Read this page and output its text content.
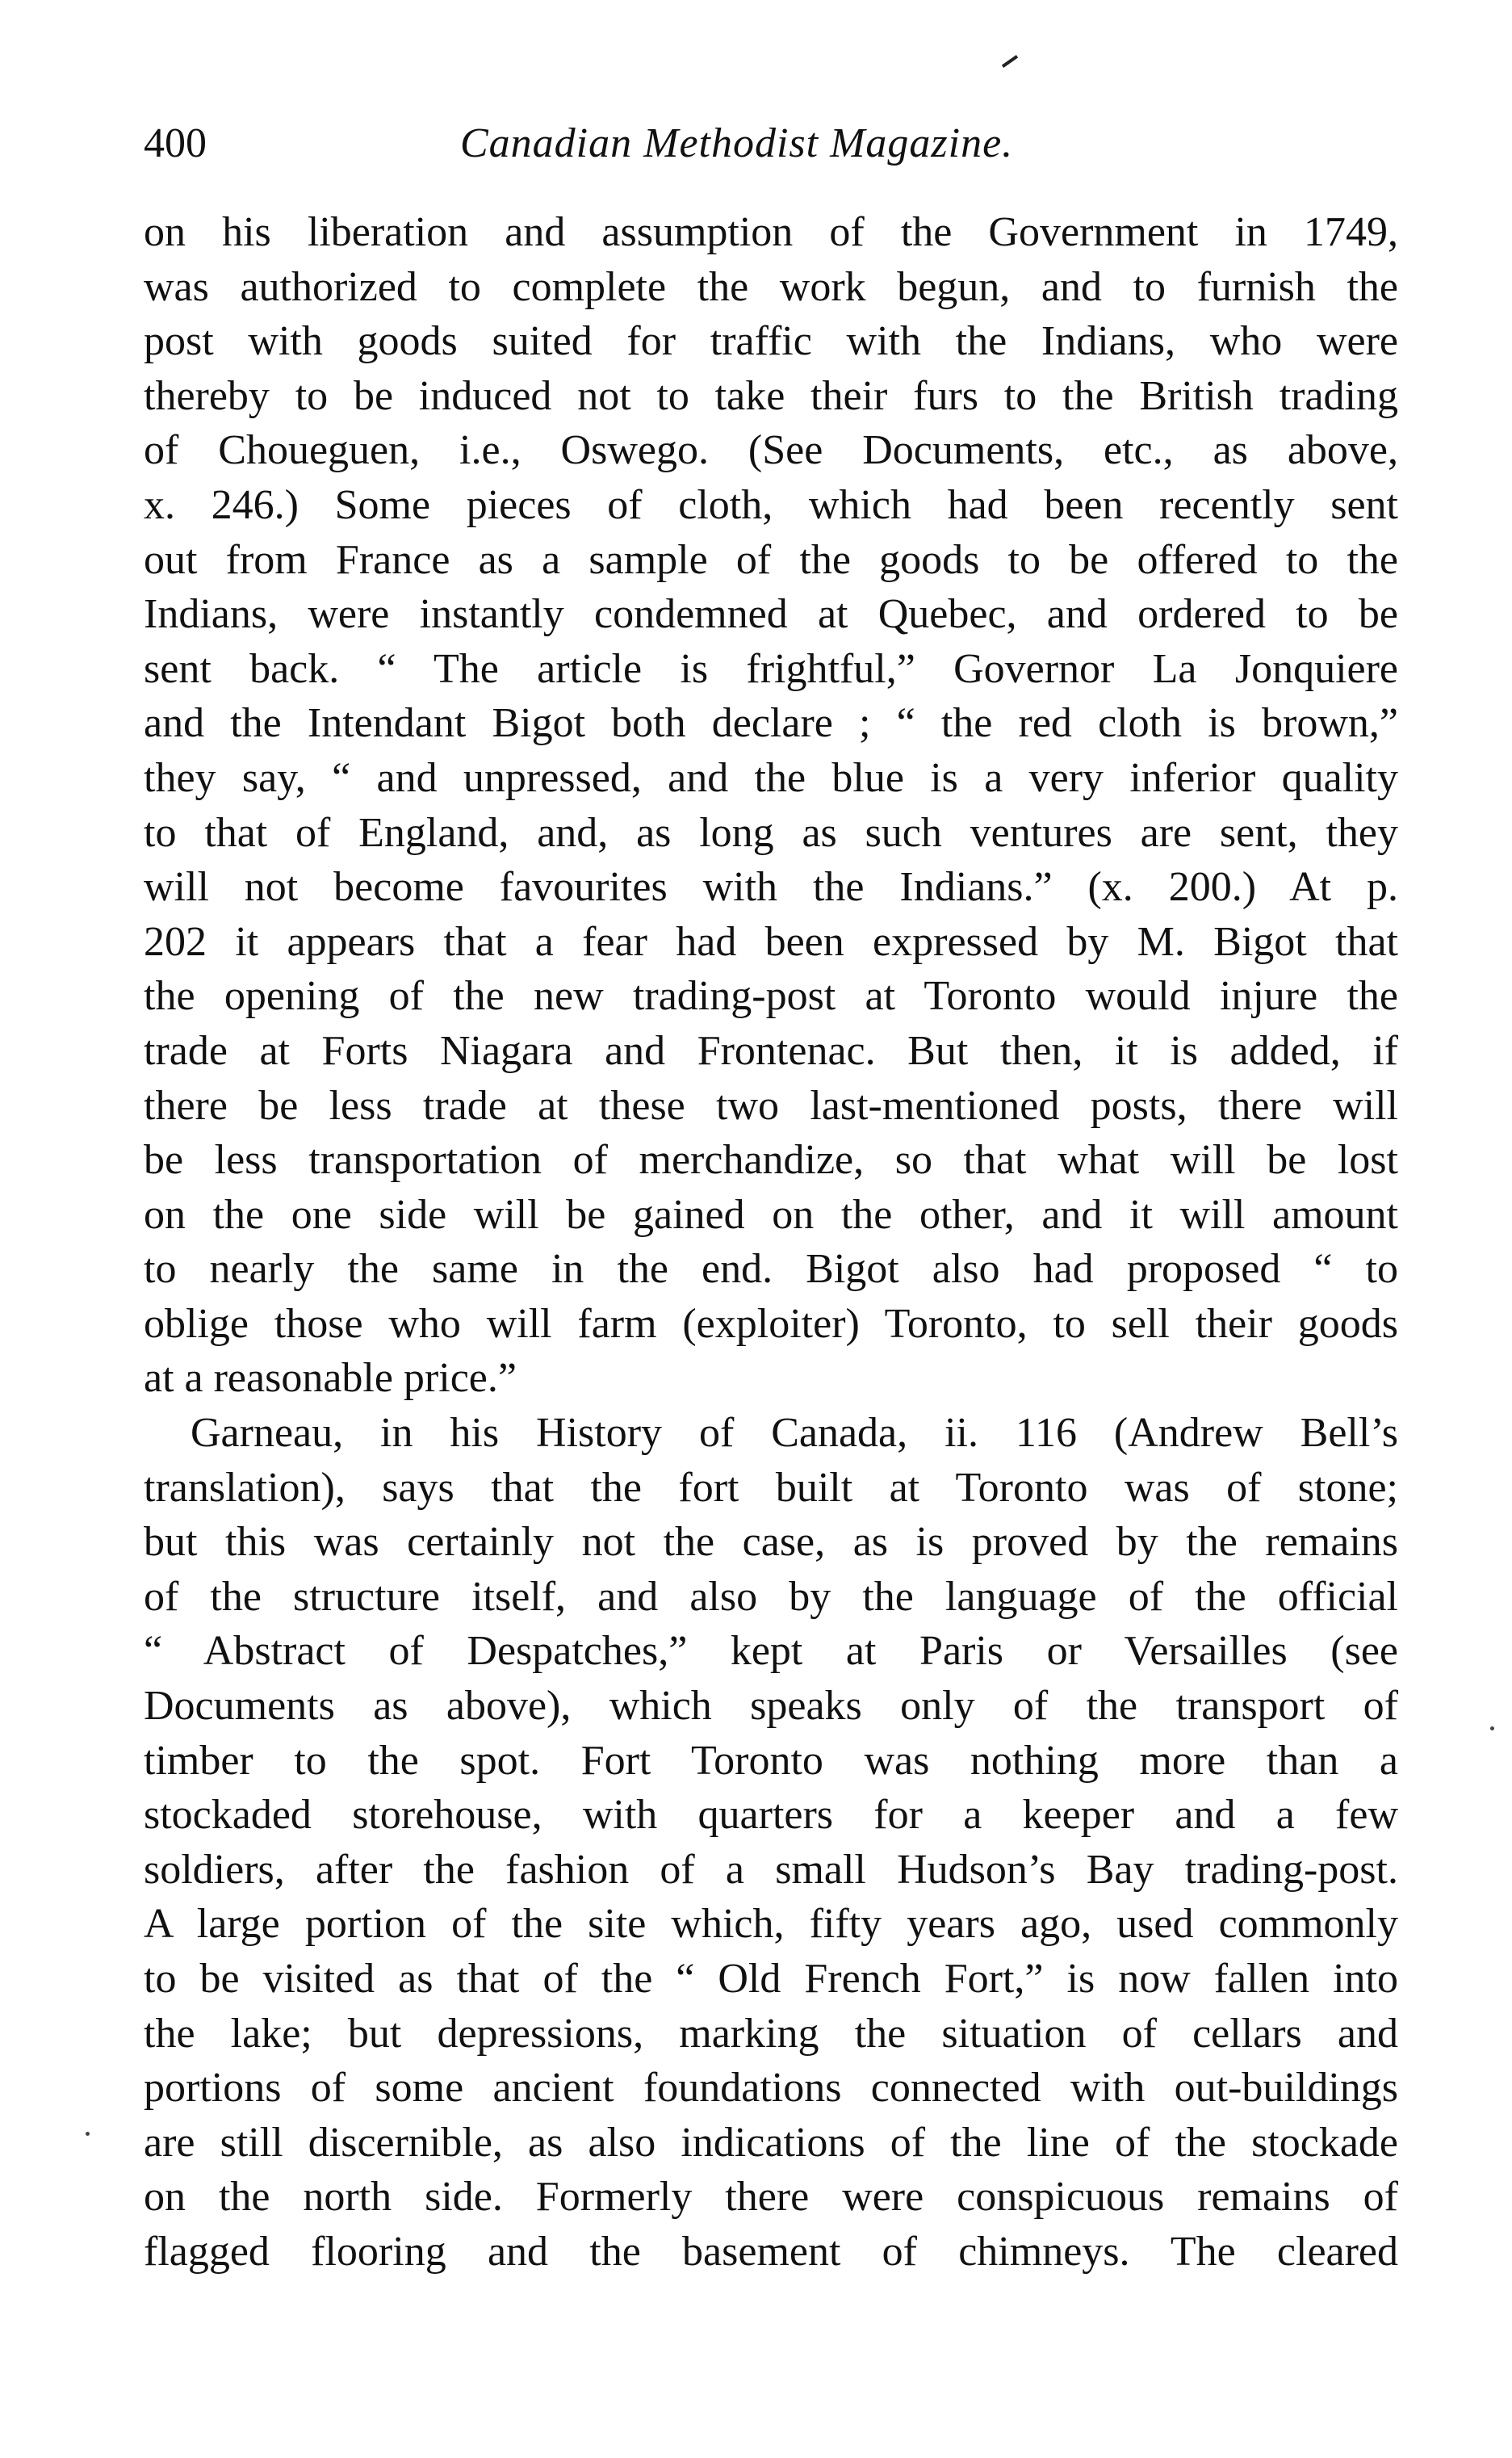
400	Canadian Methodist Magazine.
on his liberation and assumption of the Government in 1749,
was authorized to complete the work begun, and to furnish the
post with goods suited for traffic with the Indians, who were
thereby to be induced not to take their furs to the British trading
of Choueguen, i.e., Oswego. (See Documents, etc., as above,
x. 246.) Some pieces of cloth, which had been recently sent
out from France as a sample of the goods to be offered to the
Indians, were instantly condemned at Quebec, and ordered to be
sent back. “ The article is frightful,” Governor La Jonquiere
and the Intendant Bigot both declare ; “ the red cloth is brown,”
they say, “ and unpressed, and the blue is a very inferior quality
to that of England, and, as long as such ventures are sent, they
will not become favourites with the Indians.” (x. 200.) At p.
202 it appears that a fear had been expressed by M. Bigot that
the opening of the new trading-post at Toronto would injure the
trade at Forts Niagara and Frontenac. But then, it is added, if
there be less trade at these two last-mentioned posts, there will
be less transportation of merchandize, so that what will be lost
on the one side will be gained on the other, and it will amount
to nearly the same in the end. Bigot also had proposed “ to
oblige those who will farm (exploiter) Toronto, to sell their goods
at a reasonable price.”
Garneau, in his History of Canada, ii. 116 (Andrew Bell’s
translation), says that the fort built at Toronto was of stone;
but this was certainly not the case, as is proved by the remains
of the structure itself, and also by the language of the official
“ Abstract of Despatches,” kept at Paris or Versailles (see
Documents as above), which speaks only of the transport of
timber to the spot. Fort Toronto was nothing more than a
stockaded storehouse, with quarters for a keeper and a few
soldiers, after the fashion of a small Hudson’s Bay trading-post.
A large portion of the site which, fifty years ago, used commonly
to be visited as that of the “ Old French Fort,” is now fallen into
the lake; but depressions, marking the situation of cellars and
portions of some ancient foundations connected with out-buildings
are still discernible, as also indications of the line of the stockade
on the north side. Formerly there were conspicuous remains of
flagged flooring and the basement of chimneys. The cleared
